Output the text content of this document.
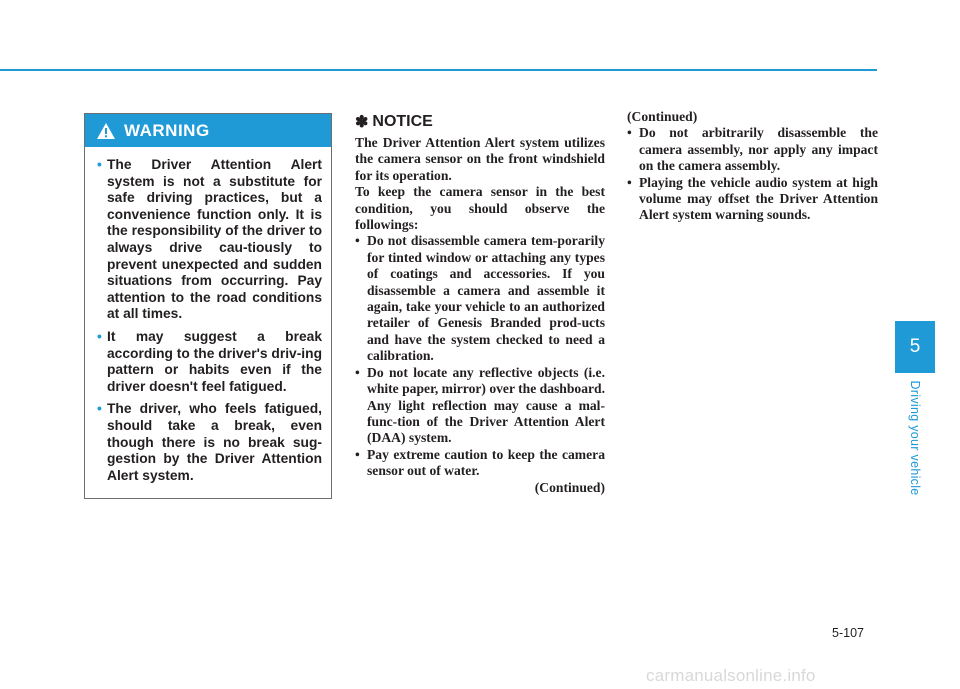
WARNING
• The Driver Attention Alert system is not a substitute for safe driving practices, but a convenience function only. It is the responsibility of the driver to always drive cau-tiously to prevent unexpected and sudden situations from occurring. Pay attention to the road conditions at all times.
• It may suggest a break according to the driver's driv-ing pattern or habits even if the driver doesn't feel fatigued.
• The driver, who feels fatigued, should take a break, even though there is no break sug-gestion by the Driver Attention Alert system.
✽ NOTICE

The Driver Attention Alert system utilizes the camera sensor on the front windshield for its operation.

To keep the camera sensor in the best condition, you should observe the followings:

• Do not disassemble camera tem-porarily for tinted window or attaching any types of coatings and accessories. If you disassemble a camera and assemble it again, take your vehicle to an authorized retailer of Genesis Branded prod-ucts and have the system checked to need a calibration.
• Do not locate any reflective objects (i.e. white paper, mirror) over the dashboard. Any light reflection may cause a mal-func-tion of the Driver Attention Alert (DAA) system.
• Pay extreme caution to keep the camera sensor out of water.
(Continued)
(Continued)
• Do not arbitrarily disassemble the camera assembly, nor apply any impact on the camera assembly.
• Playing the vehicle audio system at high volume may offset the Driver Attention Alert system warning sounds.
5
Driving your vehicle
5-107
carmanualsonline.info
